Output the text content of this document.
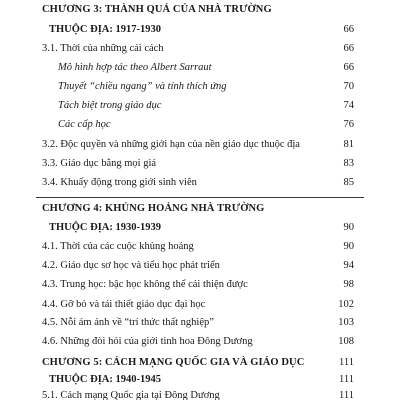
CHƯƠNG 3: THÀNH QUẢ CỦA NHÀ TRƯỜNG
THUỘC ĐỊA: 1917-1930	66
3.1. Thời của những cải cách	66
Mô hình hợp tác theo Albert Sarraut	66
Thuyết “chiều ngang” và tính thích ứng	70
Tách biệt trong giáo dục	74
Các cấp học	76
3.2. Độc quyền và những giới hạn của nền giáo dục thuộc địa	81
3.3. Giáo dục bằng mọi giá	83
3.4. Khuấy động trong giới sinh viên	85
CHƯƠNG 4: KHỦNG HOẢNG NHÀ TRƯỜNG
THUỘC ĐỊA: 1930-1939	90
4.1. Thời của các cuộc khủng hoảng	90
4.2. Giáo dục sơ học và tiểu học phát triển	94
4.3. Trung học: bậc học không thể cải thiện được	98
4.4. Gỡ bỏ và tái thiết giáo dục đại học	102
4.5. Nỗi ám ảnh về “trí thức thất nghiệp”	103
4.6. Những đòi hỏi của giới tinh hoa Đông Dương	108
CHƯƠNG 5: CÁCH MẠNG QUỐC GIA VÀ GIÁO DỤC	111
THUỘC ĐỊA: 1940-1945	111
5.1. Cách mạng Quốc gia tại Đông Dương	111
